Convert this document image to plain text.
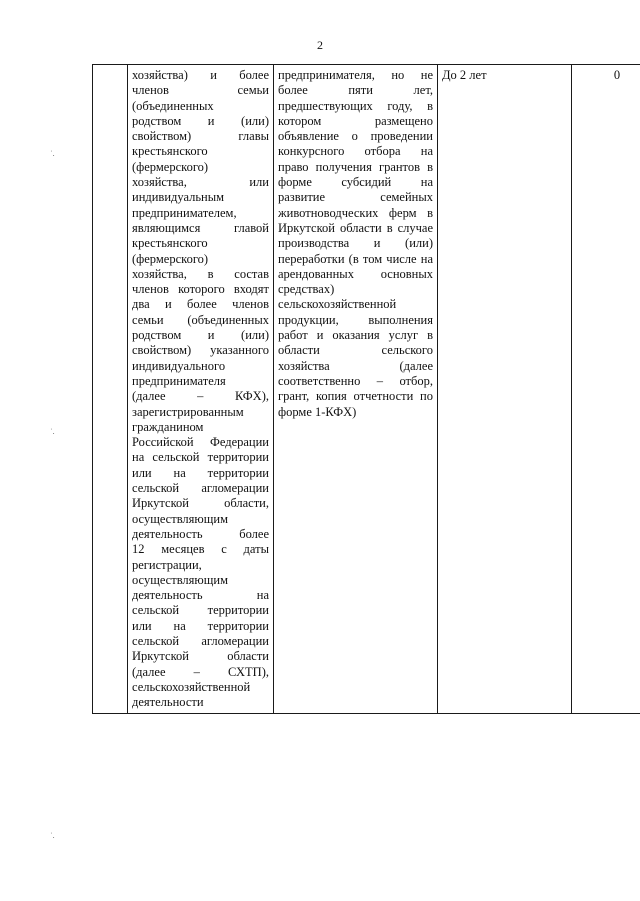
2
˙.
˙.
˙.

хозяйства) и более
членов семьи
(объединенных
родством и (или)
свойством) главы
крестьянского
(фермерского)
хозяйства, или
индивидуальным
предпринимателем,
являющимся главой
крестьянского
(фермерского)
хозяйства, в состав
членов которого входят
два и более членов
семьи (объединенных
родством и (или)
свойством) указанного
индивидуального
предпринимателя
(далее – КФХ),
зарегистрированным
гражданином
Российской Федерации
на сельской территории
или на территории
сельской агломерации
Иркутской области,
осуществляющим
деятельность более
12 месяцев с даты
регистрации,
осуществляющим
деятельность на
сельской территории
или на территории
сельской агломерации
Иркутской области
(далее – СХТП),
сельскохозяйственной
деятельности

предпринимателя, но не
более пяти лет,
предшествующих году, в
котором размещено
объявление о проведении
конкурсного отбора на
право получения грантов в
форме субсидий на
развитие семейных
животноводческих ферм в
Иркутской области в случае
производства и (или)
переработки (в том числе на
арендованных основных
средствах)
сельскохозяйственной
продукции, выполнения
работ и оказания услуг в
области сельского
хозяйства (далее
соответственно – отбор,
грант, копия отчетности по
форме 1-КФХ)
	До 2 лет	0
